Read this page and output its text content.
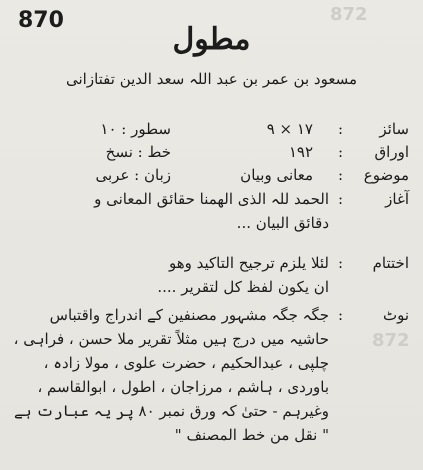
872
872
870
مطول
مسعود بن عمر بن عبد اللہ سعد الدین تفتازانی
سائز
:
١٧ × ٩
سطور : ١٠
اوراق
:
١٩٢
خط : نسخ
موضوع
:
معانی وبیان
زبان : عربی
آغاز
:
الحمد للہ الذی الھمنا حقائق المعانی و
دقائق البیان ...
اختتام
:
لئلا یلزم ترجیح التاکید وھو
ان یکون لفظ کل لتقریر ....
نوٹ
:
جگہ جگہ مشہور مصنفین کے اندراج واقتباس
حاشیہ میں درج ہیں مثلاً تقریر ملا حسن ، فراہی ،
چلپی ، عبدالحکیم ، حضرت علوی ، مولا زادہ ،
باوردی ، ہاشم ، مرزاجان ، اطول ، ابوالقاسم ،
وغیرہم - حتیٰ کہ ورق نمبر ٨٠ پر یہ عبارت ہے
" نقل من خط المصنف "
